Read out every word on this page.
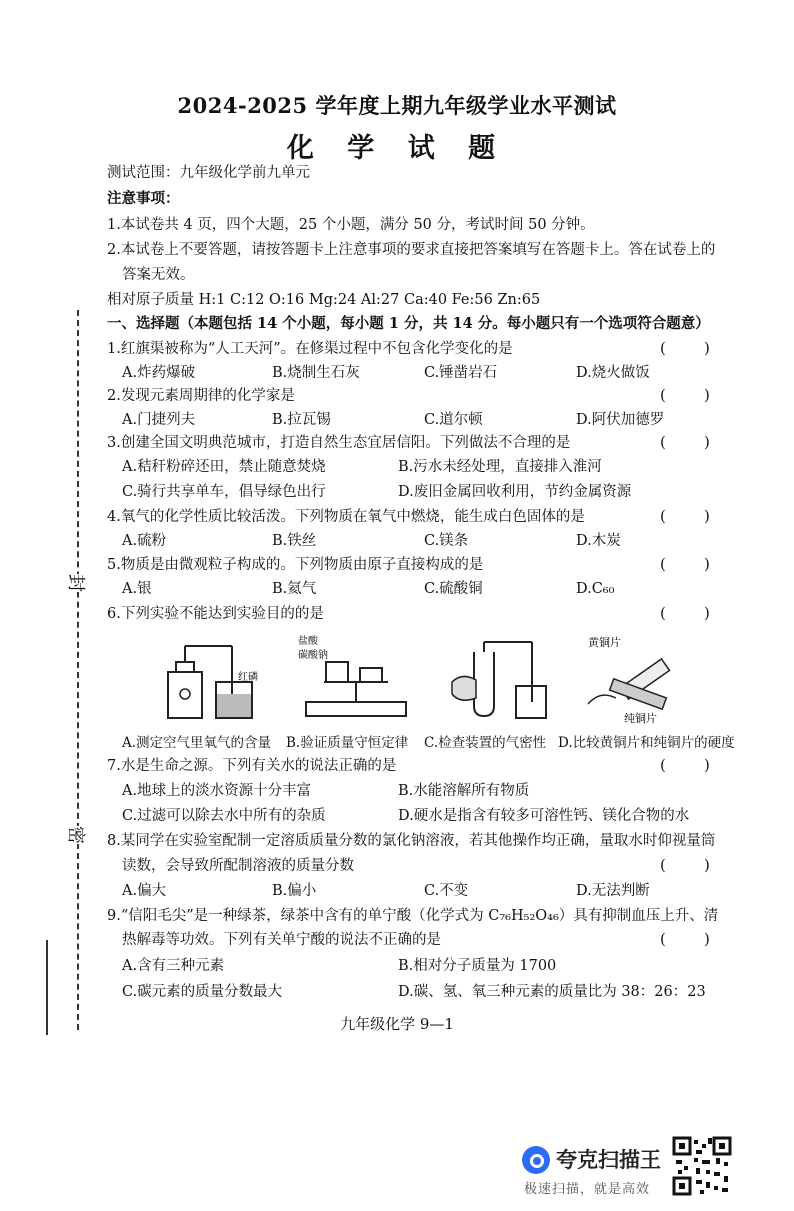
封
密
2024-2025 学年度上期九年级学业水平测试
化 学 试 题
测试范围：九年级化学前九单元
注意事项：
1.本试卷共 4 页，四个大题，25 个小题，满分 50 分，考试时间 50 分钟。
2.本试卷上不要答题，请按答题卡上注意事项的要求直接把答案填写在答题卡上。答在试卷上的
答案无效。
相对原子质量 H:1 C:12 O:16 Mg:24 Al:27 Ca:40 Fe:56 Zn:65
一、选择题（本题包括 14 个小题，每小题 1 分，共 14 分。每小题只有一个选项符合题意）
1.红旗渠被称为“人工天河”。在修渠过程中不包含化学变化的是	(        )
A.炸药爆破	B.烧制生石灰	C.锤凿岩石	D.烧火做饭
2.发现元素周期律的化学家是	(        )
A.门捷列夫	B.拉瓦锡	C.道尔顿	D.阿伏加德罗
3.创建全国文明典范城市，打造自然生态宜居信阳。下列做法不合理的是	(        )
A.秸秆粉碎还田，禁止随意焚烧	B.污水未经处理，直接排入淮河
C.骑行共享单车，倡导绿色出行	D.废旧金属回收利用，节约金属资源
4.氧气的化学性质比较活泼。下列物质在氧气中燃烧，能生成白色固体的是	(        )
A.硫粉	B.铁丝	C.镁条	D.木炭
5.物质是由微观粒子构成的。下列物质由原子直接构成的是	(        )
A.银	B.氦气	C.硫酸铜	D.C₆₀
6.下列实验不能达到实验目的的是	(        )
红磷
盐酸
碳酸钠
黄铜片
纯铜片
A.测定空气里氧气的含量 B.验证质量守恒定律 C.检查装置的气密性 D.比较黄铜片和纯铜片的硬度
7.水是生命之源。下列有关水的说法正确的是	(        )
A.地球上的淡水资源十分丰富	B.水能溶解所有物质
C.过滤可以除去水中所有的杂质	D.硬水是指含有较多可溶性钙、镁化合物的水
8.某同学在实验室配制一定溶质质量分数的氯化钠溶液，若其他操作均正确，量取水时仰视量筒
读数，会导致所配制溶液的质量分数	(        )
A.偏大	B.偏小	C.不变	D.无法判断
9.“信阳毛尖”是一种绿茶，绿茶中含有的单宁酸（化学式为 C₇₆H₅₂O₄₆）具有抑制血压上升、清
热解毒等功效。下列有关单宁酸的说法不正确的是	(        )
A.含有三种元素	B.相对分子质量为 1700
C.碳元素的质量分数最大	D.碳、氢、氧三种元素的质量比为 38：26：23
九年级化学 9—1
夸克扫描王
极速扫描，就是高效
